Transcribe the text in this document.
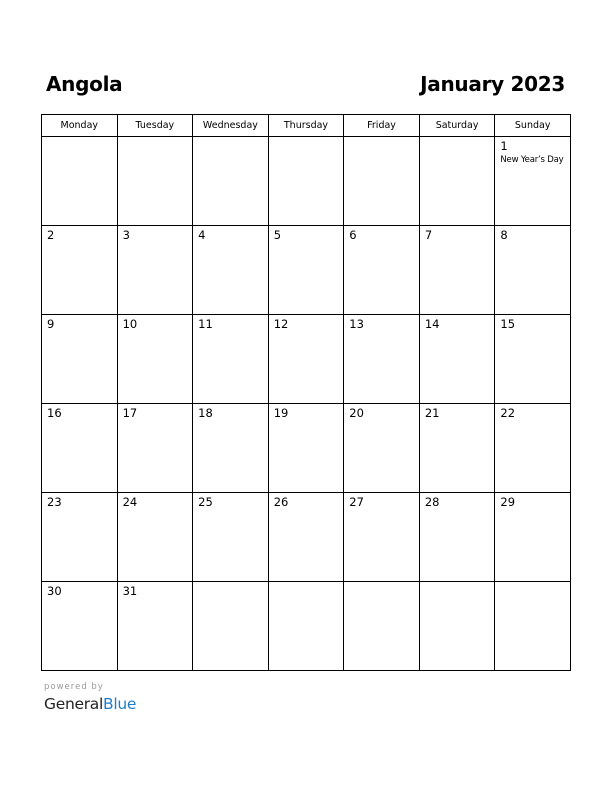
Angola	January 2023
Monday	Tuesday	Wednesday	Thursday	Friday	Saturday	Sunday

						1
New Year’s Day

2	3	4	5	6	7	8

9	10	11	12	13	14	15

16	17	18	19	20	21	22

23	24	25	26	27	28	29

30	31					

powered by
GeneralBlue
